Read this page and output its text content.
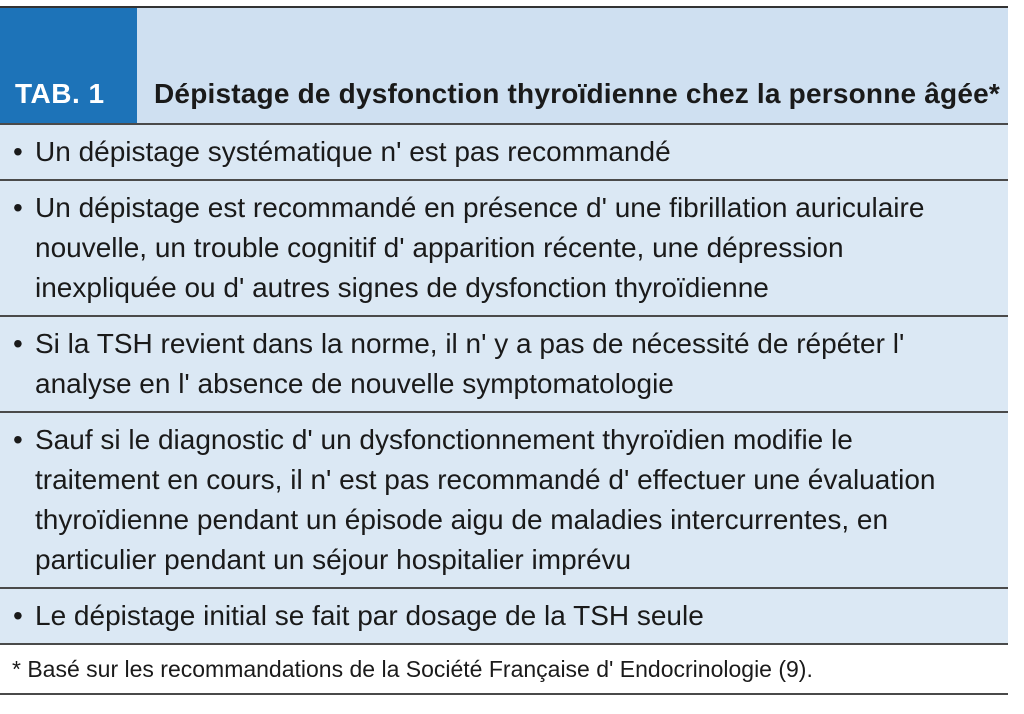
TAB. 1	Dépistage de dysfonction thyroïdienne chez la personne âgée*
• Un dépistage systématique n' est pas recommandé
• Un dépistage est recommandé en présence d' une fibrillation auriculaire nouvelle, un trouble cognitif d' apparition récente, une dépression inexpliquée ou d' autres signes de dysfonction thyroïdienne
• Si la TSH revient dans la norme, il n' y a pas de nécessité de répéter l' analyse en l' absence de nouvelle symptomatologie
• Sauf si le diagnostic d' un dysfonctionnement thyroïdien modifie le traitement en cours, il n' est pas recommandé d' effectuer une évaluation thyroïdienne pendant un épisode aigu de maladies intercurrentes, en particulier pendant un séjour hospitalier imprévu
• Le dépistage initial se fait par dosage de la TSH seule
* Basé sur les recommandations de la Société Française d' Endocrinologie (9).
